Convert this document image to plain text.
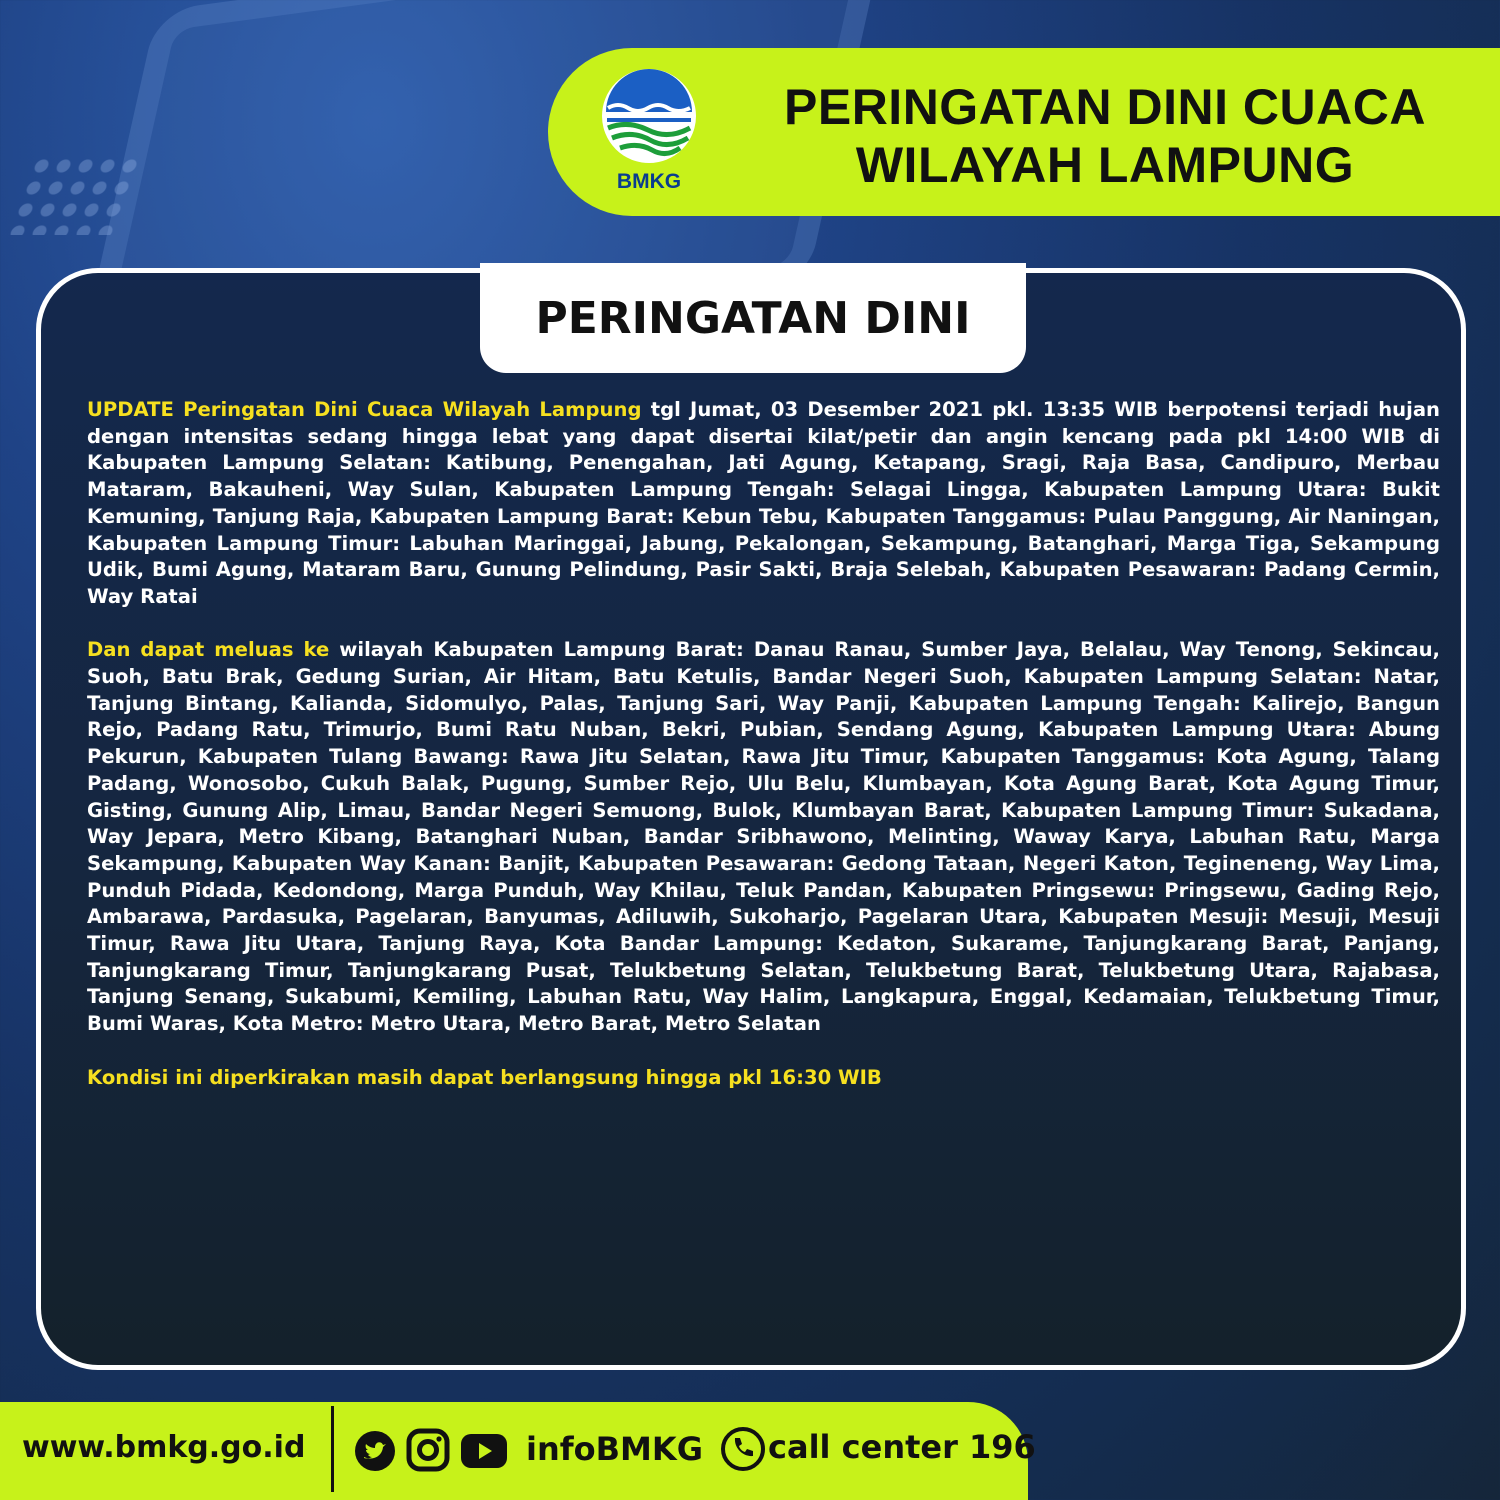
BMKG
PERINGATAN DINI CUACA
WILAYAH LAMPUNG
PERINGATAN DINI

UPDATE Peringatan Dini Cuaca Wilayah Lampung tgl Jumat, 03 Desember 2021 pkl. 13:35 WIB berpotensi terjadi hujan dengan intensitas sedang hingga lebat yang dapat disertai kilat/petir dan angin kencang pada pkl 14:00 WIB di Kabupaten Lampung Selatan: Katibung, Penengahan, Jati Agung, Ketapang, Sragi, Raja Basa, Candipuro, Merbau Mataram, Bakauheni, Way Sulan, Kabupaten Lampung Tengah: Selagai Lingga, Kabupaten Lampung Utara: Bukit Kemuning, Tanjung Raja, Kabupaten Lampung Barat: Kebun Tebu, Kabupaten Tanggamus: Pulau Panggung, Air Naningan, Kabupaten Lampung Timur: Labuhan Maringgai, Jabung, Pekalongan, Sekampung, Batanghari, Marga Tiga, Sekampung Udik, Bumi Agung, Mataram Baru, Gunung Pelindung, Pasir Sakti, Braja Selebah, Kabupaten Pesawaran: Padang Cermin, Way Ratai

Dan dapat meluas ke wilayah Kabupaten Lampung Barat: Danau Ranau, Sumber Jaya, Belalau, Way Tenong, Sekincau, Suoh, Batu Brak, Gedung Surian, Air Hitam, Batu Ketulis, Bandar Negeri Suoh, Kabupaten Lampung Selatan: Natar, Tanjung Bintang, Kalianda, Sidomulyo, Palas, Tanjung Sari, Way Panji, Kabupaten Lampung Tengah: Kalirejo, Bangun Rejo, Padang Ratu, Trimurjo, Bumi Ratu Nuban, Bekri, Pubian, Sendang Agung, Kabupaten Lampung Utara: Abung Pekurun, Kabupaten Tulang Bawang: Rawa Jitu Selatan, Rawa Jitu Timur, Kabupaten Tanggamus: Kota Agung, Talang Padang, Wonosobo, Cukuh Balak, Pugung, Sumber Rejo, Ulu Belu, Klumbayan, Kota Agung Barat, Kota Agung Timur, Gisting, Gunung Alip, Limau, Bandar Negeri Semuong, Bulok, Klumbayan Barat, Kabupaten Lampung Timur: Sukadana, Way Jepara, Metro Kibang, Batanghari Nuban, Bandar Sribhawono, Melinting, Waway Karya, Labuhan Ratu, Marga Sekampung, Kabupaten Way Kanan: Banjit, Kabupaten Pesawaran: Gedong Tataan, Negeri Katon, Tegineneng, Way Lima, Punduh Pidada, Kedondong, Marga Punduh, Way Khilau, Teluk Pandan, Kabupaten Pringsewu: Pringsewu, Gading Rejo, Ambarawa, Pardasuka, Pagelaran, Banyumas, Adiluwih, Sukoharjo, Pagelaran Utara, Kabupaten Mesuji: Mesuji, Mesuji Timur, Rawa Jitu Utara, Tanjung Raya, Kota Bandar Lampung: Kedaton, Sukarame, Tanjungkarang Barat, Panjang, Tanjungkarang Timur, Tanjungkarang Pusat, Telukbetung Selatan, Telukbetung Barat, Telukbetung Utara, Rajabasa, Tanjung Senang, Sukabumi, Kemiling, Labuhan Ratu, Way Halim, Langkapura, Enggal, Kedamaian, Telukbetung Timur, Bumi Waras, Kota Metro: Metro Utara, Metro Barat, Metro Selatan

Kondisi ini diperkirakan masih dapat berlangsung hingga pkl 16:30 WIB

www.bmkg.go.id	infoBMKG call center 196
